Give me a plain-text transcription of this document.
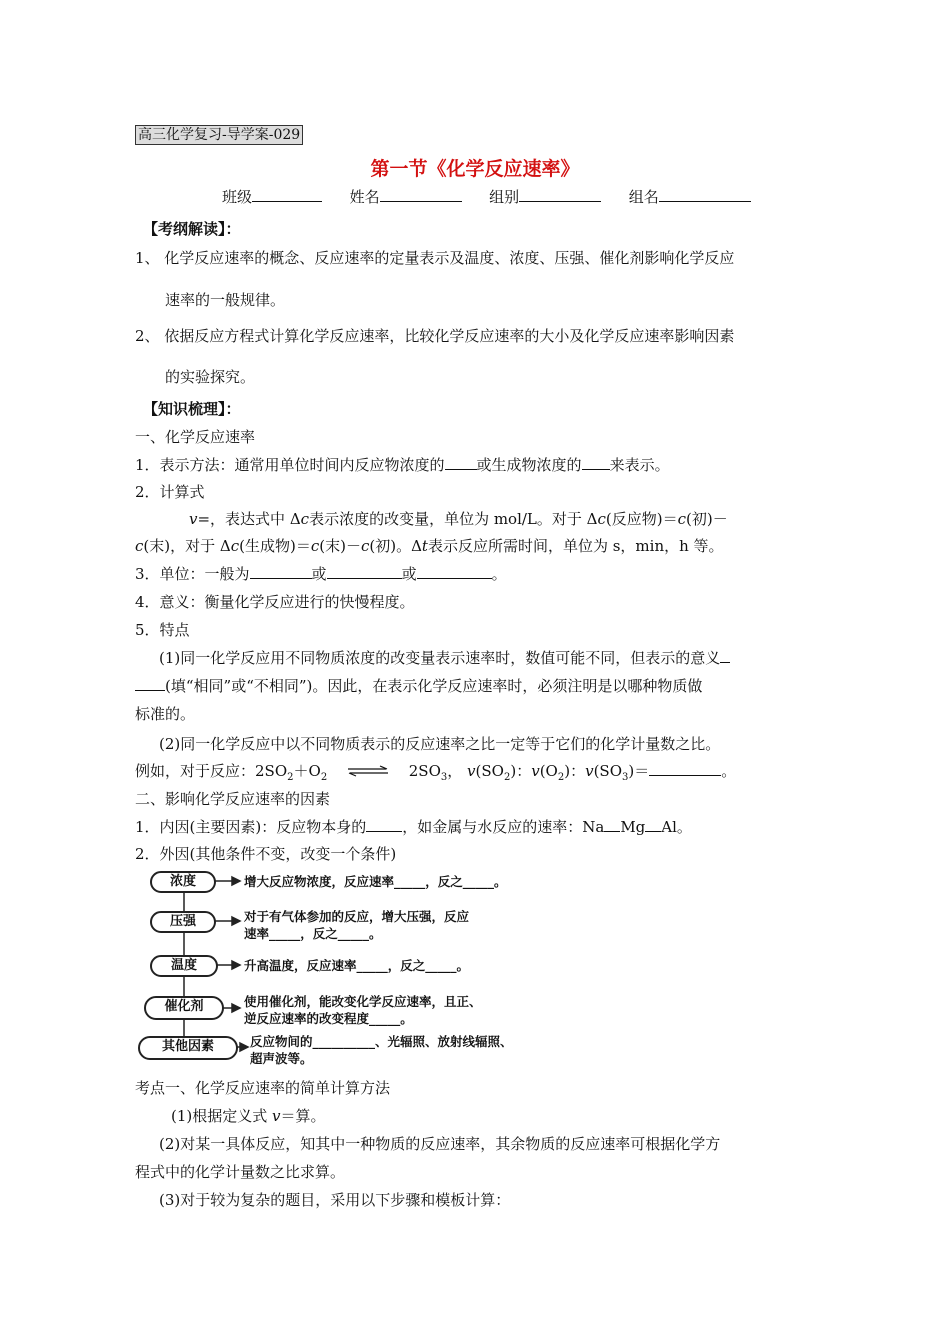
高三化学复习-导学案-029
第一节《化学反应速率》
班级	姓名	组别	组名
【考纲解读】：
1、 化学反应速率的概念、反应速率的定量表示及温度、浓度、压强、催化剂影响化学反应
速率的一般规律。
2、 依据反应方程式计算化学反应速率，比较化学反应速率的大小及化学反应速率影响因素
的实验探究。
【知识梳理】：
一、化学反应速率
1．表示方法：通常用单位时间内反应物浓度的 或生成物浓度的 来表示。
2．计算式
v=，表达式中 Δc表示浓度的改变量，单位为 mol/L。对于 Δc(反应物)＝c(初)－
c(末)，对于 Δc(生成物)＝c(末)－c(初)。Δt表示反应所需时间，单位为 s，min，h 等。
3．单位：一般为	或	或	。
4．意义：衡量化学反应进行的快慢程度。
5．特点
(1)同一化学反应用不同物质浓度的改变量表示速率时，数值可能不同，但表示的意义
(填“相同”或“不相同”)。因此，在表示化学反应速率时，必须注明是以哪种物质做
标准的。
(2)同一化学反应中以不同物质表示的反应速率之比一定等于它们的化学计量数之比。
例如，对于反应：$2SO_2+O_2$ ⇌ $2SO_3$， $v(SO_2)$：$v(O_2)$：$v(SO_3)=$	。
二、影响化学反应速率的因素
1．内因(主要因素)：反应物本身的 ，如金属与水反应的速率：Na Mg Al。
2．外因(其他条件不变，改变一个条件)
浓度	增大反应物浓度，反应速率_____，反之_____。
压强	对于有气体参加的反应，增大压强，反应
速率_____，反之_____。
温度	升高温度，反应速率_____，反之_____。
催化剂	使用催化剂，能改变化学反应速率，且正、
逆反应速率的改变程度_____。
其他因素	反应物间的__________、光辐照、放射线辐照、
超声波等。
考点一、化学反应速率的简单计算方法
(1)根据定义式 v＝算。
(2)对某一具体反应，知其中一种物质的反应速率，其余物质的反应速率可根据化学方
程式中的化学计量数之比求算。
(3)对于较为复杂的题目，采用以下步骤和模板计算：
